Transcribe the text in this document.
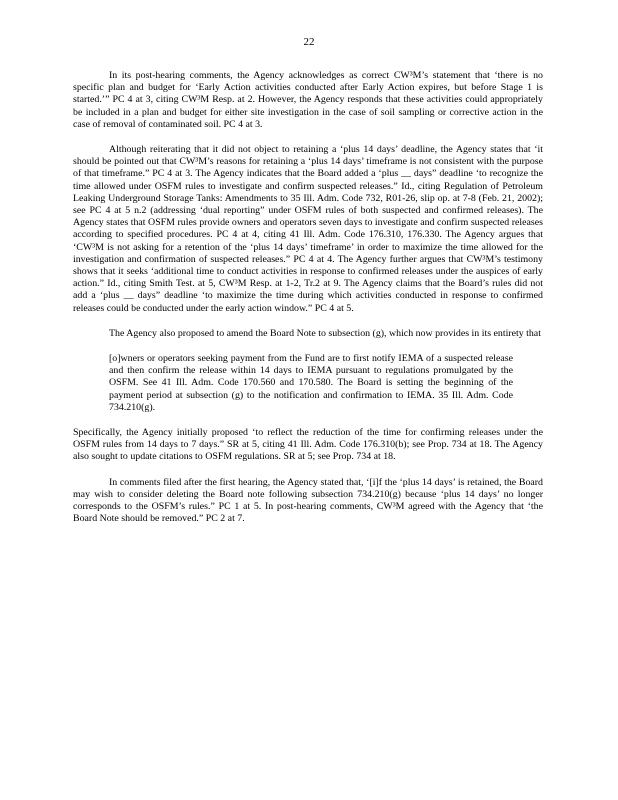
22

In its post-hearing comments, the Agency acknowledges as correct CW³M’s statement that ‘there is no specific plan and budget for ‘Early Action activities conducted after Early Action expires, but before Stage 1 is started.’” PC 4 at 3, citing CW³M Resp. at 2. However, the Agency responds that these activities could appropriately be included in a plan and budget for either site investigation in the case of soil sampling or corrective action in the case of removal of contaminated soil. PC 4 at 3.

Although reiterating that it did not object to retaining a ‘plus 14 days’ deadline, the Agency states that ‘it should be pointed out that CW³M’s reasons for retaining a ‘plus 14 days’ timeframe is not consistent with the purpose of that timeframe.” PC 4 at 3. The Agency indicates that the Board added a ‘plus __ days” deadline ‘to recognize the time allowed under OSFM rules to investigate and confirm suspected releases.” Id., citing Regulation of Petroleum Leaking Underground Storage Tanks: Amendments to 35 Ill. Adm. Code 732, R01-26, slip op. at 7-8 (Feb. 21, 2002); see PC 4 at 5 n.2 (addressing ‘dual reporting” under OSFM rules of both suspected and confirmed releases). The Agency states that OSFM rules provide owners and operators seven days to investigate and confirm suspected releases according to specified procedures. PC 4 at 4, citing 41 Ill. Adm. Code 176.310, 176.330. The Agency argues that ‘CW³M is not asking for a retention of the ‘plus 14 days’ timeframe’ in order to maximize the time allowed for the investigation and confirmation of suspected releases.” PC 4 at 4. The Agency further argues that CW³M’s testimony shows that it seeks ‘additional time to conduct activities in response to confirmed releases under the auspices of early action.” Id., citing Smith Test. at 5, CW³M Resp. at 1-2, Tr.2 at 9. The Agency claims that the Board’s rules did not add a ‘plus __ days” deadline ‘to maximize the time during which activities conducted in response to confirmed releases could be conducted under the early action window.” PC 4 at 5.

The Agency also proposed to amend the Board Note to subsection (g), which now provides in its entirety that

[o]wners or operators seeking payment from the Fund are to first notify IEMA of a suspected release and then confirm the release within 14 days to IEMA pursuant to regulations promulgated by the OSFM. See 41 Ill. Adm. Code 170.560 and 170.580. The Board is setting the beginning of the payment period at subsection (g) to the notification and confirmation to IEMA. 35 Ill. Adm. Code 734.210(g).

Specifically, the Agency initially proposed ‘to reflect the reduction of the time for confirming releases under the OSFM rules from 14 days to 7 days.” SR at 5, citing 41 Ill. Adm. Code 176.310(b); see Prop. 734 at 18. The Agency also sought to update citations to OSFM regulations. SR at 5; see Prop. 734 at 18.

In comments filed after the first hearing, the Agency stated that, ‘[i]f the ‘plus 14 days’ is retained, the Board may wish to consider deleting the Board note following subsection 734.210(g) because ‘plus 14 days’ no longer corresponds to the OSFM’s rules.” PC 1 at 5. In post-hearing comments, CW³M agreed with the Agency that ‘the Board Note should be removed.” PC 2 at 7.
